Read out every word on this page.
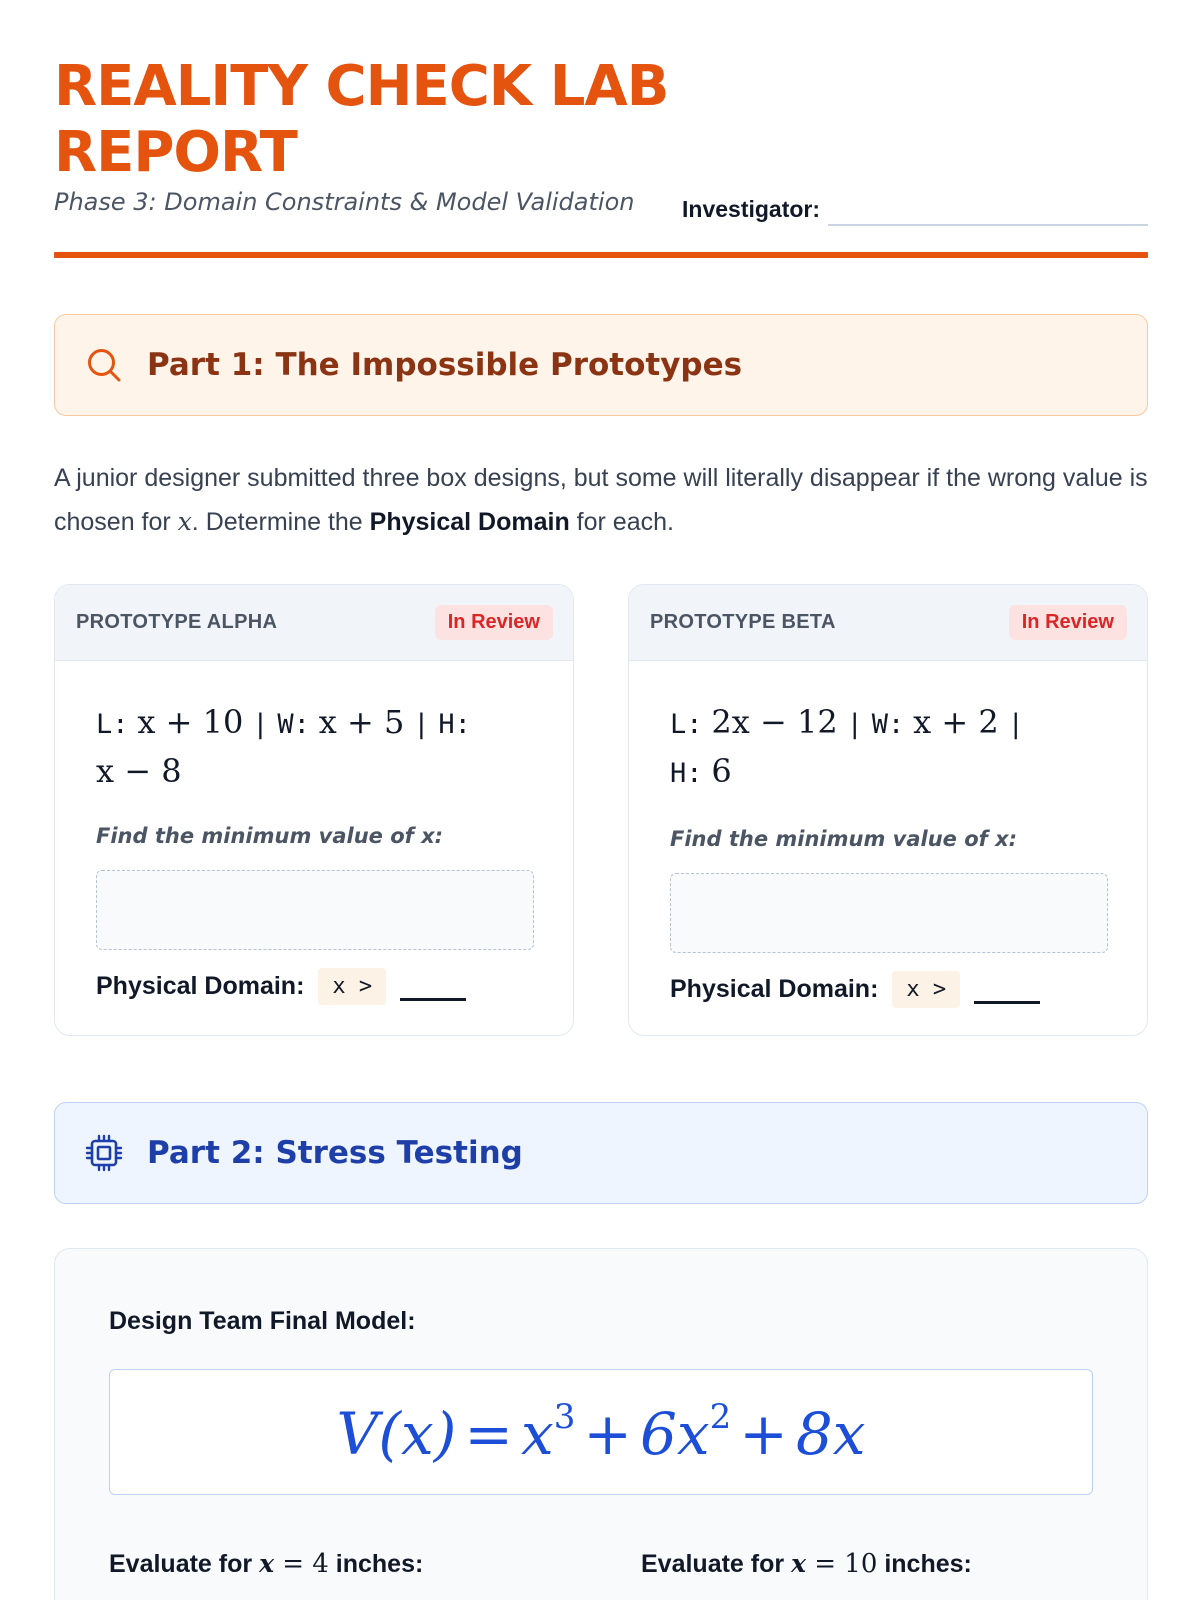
REALITY CHECK LAB REPORT
Phase 3: Domain Constraints & Model Validation Investigator:
Part 1: The Impossible Prototypes
A junior designer submitted three box designs, but some will literally disappear if the wrong value is chosen for x. Determine the Physical Domain for each.
PROTOTYPE ALPHA	In Review
L: x + 10 | W: x + 5 | H:
x − 8
Find the minimum value of x:
Physical Domain:	x >
PROTOTYPE BETA	In Review
L: 2x − 12 | W: x + 2 |
H: 6
Find the minimum value of x:
Physical Domain:	x >
Part 2: Stress Testing
Design Team Final Model:
$V(x) = x^3 + 6x^2 + 8x$
Evaluate for x = 4 inches:	Evaluate for x = 10 inches:
